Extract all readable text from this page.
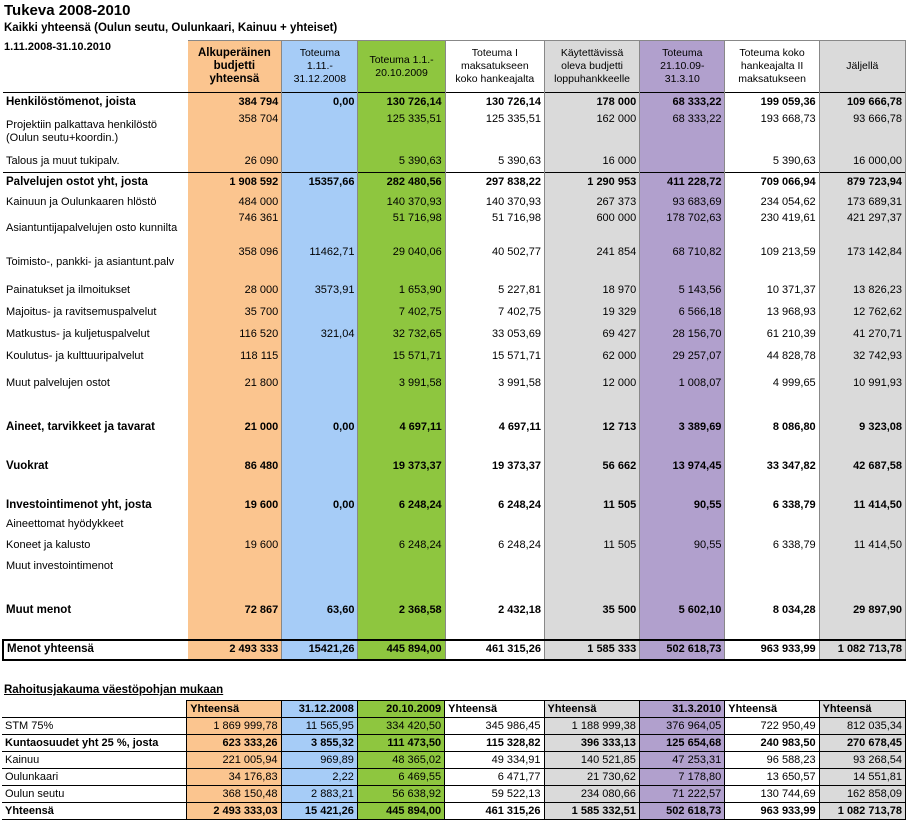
Tukeva 2008-2010
Kaikki yhteensä (Oulun seutu, Oulunkaari, Kainuu + yhteiset)
1.11.2008-31.10.2010
		Alkuperäinen budjetti yhteensä	Toteuma 1.11.- 31.12.2008	Toteuma 1.1.- 20.10.2009	Toteuma I maksatukseen koko hankeajalta	Käytettävissä oleva budjetti loppuhankkeelle	Toteuma 21.10.09- 31.3.10	Toteuma koko hankeajalta II maksatukseen	Jäljellä
Henkilöstömenot, joista	384 794	0,00	130 726,14	130 726,14	178 000	68 333,22	199 059,36	109 666,78
Projektiin palkattava henkilöstö (Oulun seutu+koordin.)	358 704		125 335,51	125 335,51	162 000	68 333,22	193 668,73	93 666,78
Talous ja muut tukipalv.	26 090		5 390,63	5 390,63	16 000		5 390,63	16 000,00
Palvelujen ostot yht, josta	1 908 592	15357,66	282 480,56	297 838,22	1 290 953	411 228,72	709 066,94	879 723,94
Kainuun ja Oulunkaaren hlöstö	484 000		140 370,93	140 370,93	267 373	93 683,69	234 054,62	173 689,31
Asiantuntijapalvelujen osto kunnilta	746 361		51 716,98	51 716,98	600 000	178 702,63	230 419,61	421 297,37
Toimisto-, pankki- ja asiantunt.palv	358 096	11462,71	29 040,06	40 502,77	241 854	68 710,82	109 213,59	173 142,84
Painatukset ja ilmoitukset	28 000	3573,91	1 653,90	5 227,81	18 970	5 143,56	10 371,37	13 826,23
Majoitus- ja ravitsemuspalvelut	35 700		7 402,75	7 402,75	19 329	6 566,18	13 968,93	12 762,62
Matkustus- ja kuljetuspalvelut	116 520	321,04	32 732,65	33 053,69	69 427	28 156,70	61 210,39	41 270,71
Koulutus- ja kulttuuripalvelut	118 115		15 571,71	15 571,71	62 000	29 257,07	44 828,78	32 742,93
Muut palvelujen ostot	21 800		3 991,58	3 991,58	12 000	1 008,07	4 999,65	10 991,93

Aineet, tarvikkeet ja tavarat	21 000	0,00	4 697,11	4 697,11	12 713	3 389,69	8 086,80	9 323,08

Vuokrat	86 480		19 373,37	19 373,37	56 662	13 974,45	33 347,82	42 687,58

Investointimenot yht, josta	19 600	0,00	6 248,24	6 248,24	11 505	90,55	6 338,79	11 414,50
Aineettomat hyödykkeet								
Koneet ja kalusto	19 600		6 248,24	6 248,24	11 505	90,55	6 338,79	11 414,50
Muut investointimenot								

Muut menot	72 867	63,60	2 368,58	2 432,18	35 500	5 602,10	8 034,28	29 897,90

Menot yhteensä	2 493 333	15421,26	445 894,00	461 315,26	1 585 333	502 618,73	963 933,99	1 082 713,78
Rahoitusjakauma väestöpohjan mukaan
	Yhteensä	31.12.2008	20.10.2009	Yhteensä	Yhteensä	31.3.2010	Yhteensä	Yhteensä
STM 75%	1 869 999,78	11 565,95	334 420,50	345 986,45	1 188 999,38	376 964,05	722 950,49	812 035,34
Kuntaosuudet yht 25 %, josta	623 333,26	3 855,32	111 473,50	115 328,82	396 333,13	125 654,68	240 983,50	270 678,45
Kainuu	221 005,94	969,89	48 365,02	49 334,91	140 521,85	47 253,31	96 588,23	93 268,54
Oulunkaari	34 176,83	2,22	6 469,55	6 471,77	21 730,62	7 178,80	13 650,57	14 551,81
Oulun seutu	368 150,48	2 883,21	56 638,92	59 522,13	234 080,66	71 222,57	130 744,69	162 858,09
Yhteensä	2 493 333,03	15 421,26	445 894,00	461 315,26	1 585 332,51	502 618,73	963 933,99	1 082 713,78
